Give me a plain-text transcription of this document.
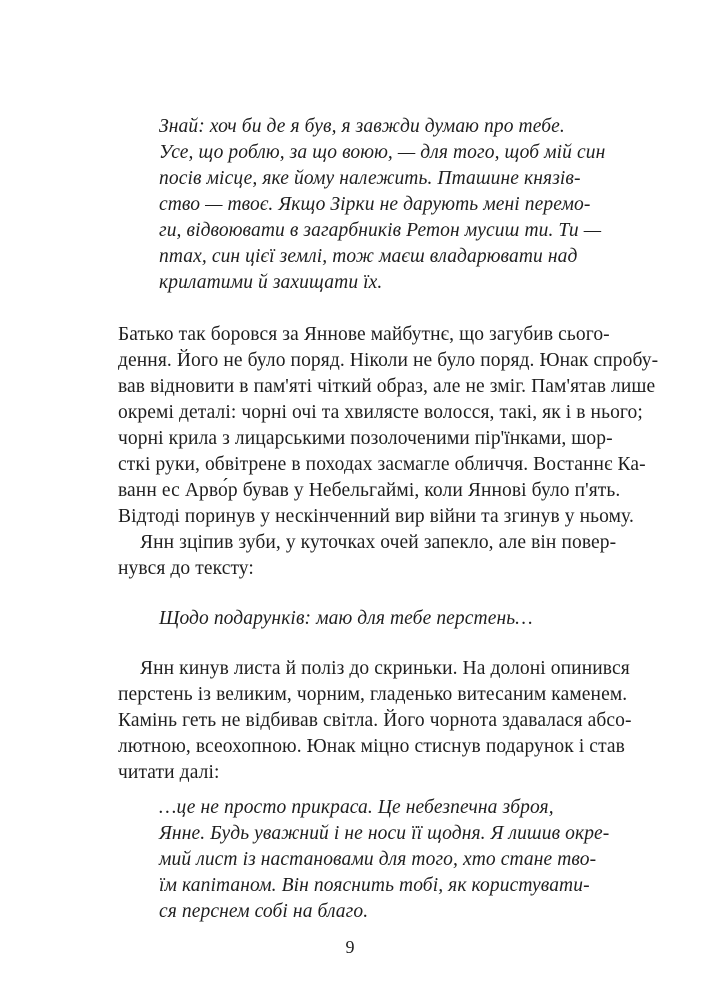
Знай: хоч би де я був, я завжди думаю про тебе.
Усе, що роблю, за що воюю, — для того, щоб мій син
посів місце, яке йому належить. Пташине князів-
ство — твоє. Якщо Зірки не дарують мені перемо-
ги, відвоювати в загарбників Ретон мусиш ти. Ти —
птах, син цієї землі, тож маєш владарювати над
крилатими й захищати їх.
Батько так боровся за Яннове майбутнє, що загубив сього-
дення. Його не було поряд. Ніколи не було поряд. Юнак спробу-
вав відновити в пам'яті чіткий образ, але не зміг. Пам'ятав лише
окремі деталі: чорні очі та хвилясте волосся, такі, як і в нього;
чорні крила з лицарськими позолоченими пір'їнками, шор-
сткі руки, обвітрене в походах засмагле обличчя. Востаннє Ка-
ванн ес Арво́р бував у Небельгаймі, коли Яннові було п'ять.
Відтоді поринув у нескінченний вир війни та згинув у ньому.
Янн зціпив зуби, у куточках очей запекло, але він повер-
нувся до тексту:
Щодо подарунків: маю для тебе перстень…
Янн кинув листа й поліз до скриньки. На долоні опинився
перстень із великим, чорним, гладенько витесаним каменем.
Камінь геть не відбивав світла. Його чорнота здавалася абсо-
лютною, всеохопною. Юнак міцно стиснув подарунок і став
читати далі:
…це не просто прикраса. Це небезпечна зброя,
Янне. Будь уважний і не носи її щодня. Я лишив окре-
мий лист із настановами для того, хто стане тво-
їм капітаном. Він пояснить тобі, як користувати-
ся перснем собі на благо.
9
